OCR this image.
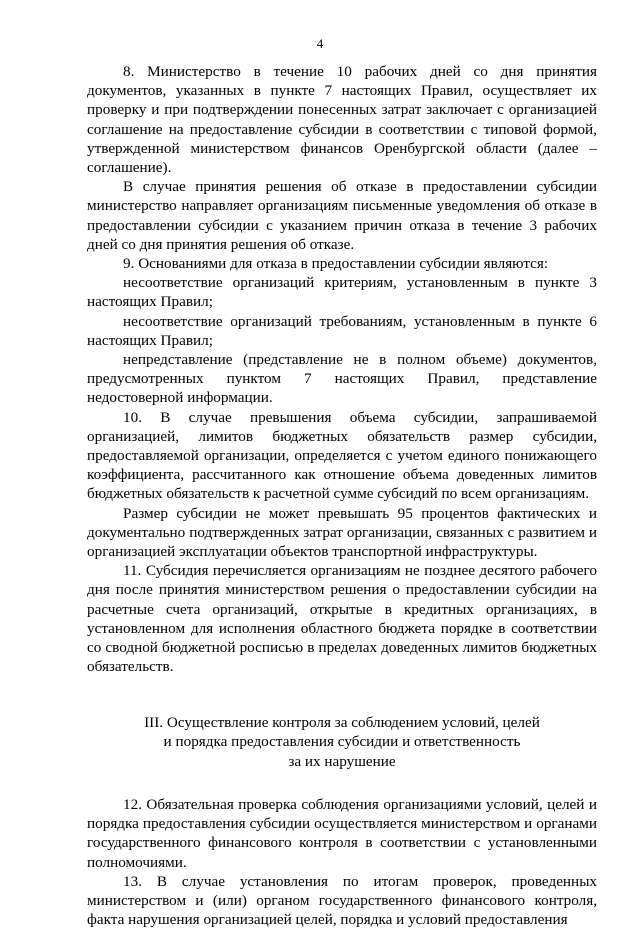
4

8. Министерство в течение 10 рабочих дней со дня принятия документов, указанных в пункте 7 настоящих Правил, осуществляет их проверку и при подтверждении понесенных затрат заключает с организацией соглашение на предоставление субсидии в соответствии с типовой формой, утвержденной министерством финансов Оренбургской области (далее – соглашение).

В случае принятия решения об отказе в предоставлении субсидии министерство направляет организациям письменные уведомления об отказе в предоставлении субсидии с указанием причин отказа в течение 3 рабочих дней со дня принятия решения об отказе.

9. Основаниями для отказа в предоставлении субсидии являются:

несоответствие организаций критериям, установленным в пункте 3 настоящих Правил;

несоответствие организаций требованиям, установленным в пункте 6 настоящих Правил;

непредставление (представление не в полном объеме) документов, предусмотренных пунктом 7 настоящих Правил, представление недостоверной информации.

10. В случае превышения объема субсидии, запрашиваемой организацией, лимитов бюджетных обязательств размер субсидии, предоставляемой организации, определяется с учетом единого понижающего коэффициента, рассчитанного как отношение объема доведенных лимитов бюджетных обязательств к расчетной сумме субсидий по всем организациям.

Размер субсидии не может превышать 95 процентов фактических и документально подтвержденных затрат организации, связанных с развитием и организацией эксплуатации объектов транспортной инфраструктуры.

11. Субсидия перечисляется организациям не позднее десятого рабочего дня после принятия министерством решения о предоставлении субсидии на расчетные счета организаций, открытые в кредитных организациях, в установленном для исполнения областного бюджета порядке в соответствии со сводной бюджетной росписью в пределах доведенных лимитов бюджетных обязательств.

III. Осуществление контроля за соблюдением условий, целей
и порядка предоставления субсидии и ответственность
за их нарушение

12. Обязательная проверка соблюдения организациями условий, целей и порядка предоставления субсидии осуществляется министерством и органами государственного финансового контроля в соответствии с установленными полномочиями.

13. В случае установления по итогам проверок, проведенных министерством и (или) органом государственного финансового контроля, факта нарушения организацией целей, порядка и условий предоставления
